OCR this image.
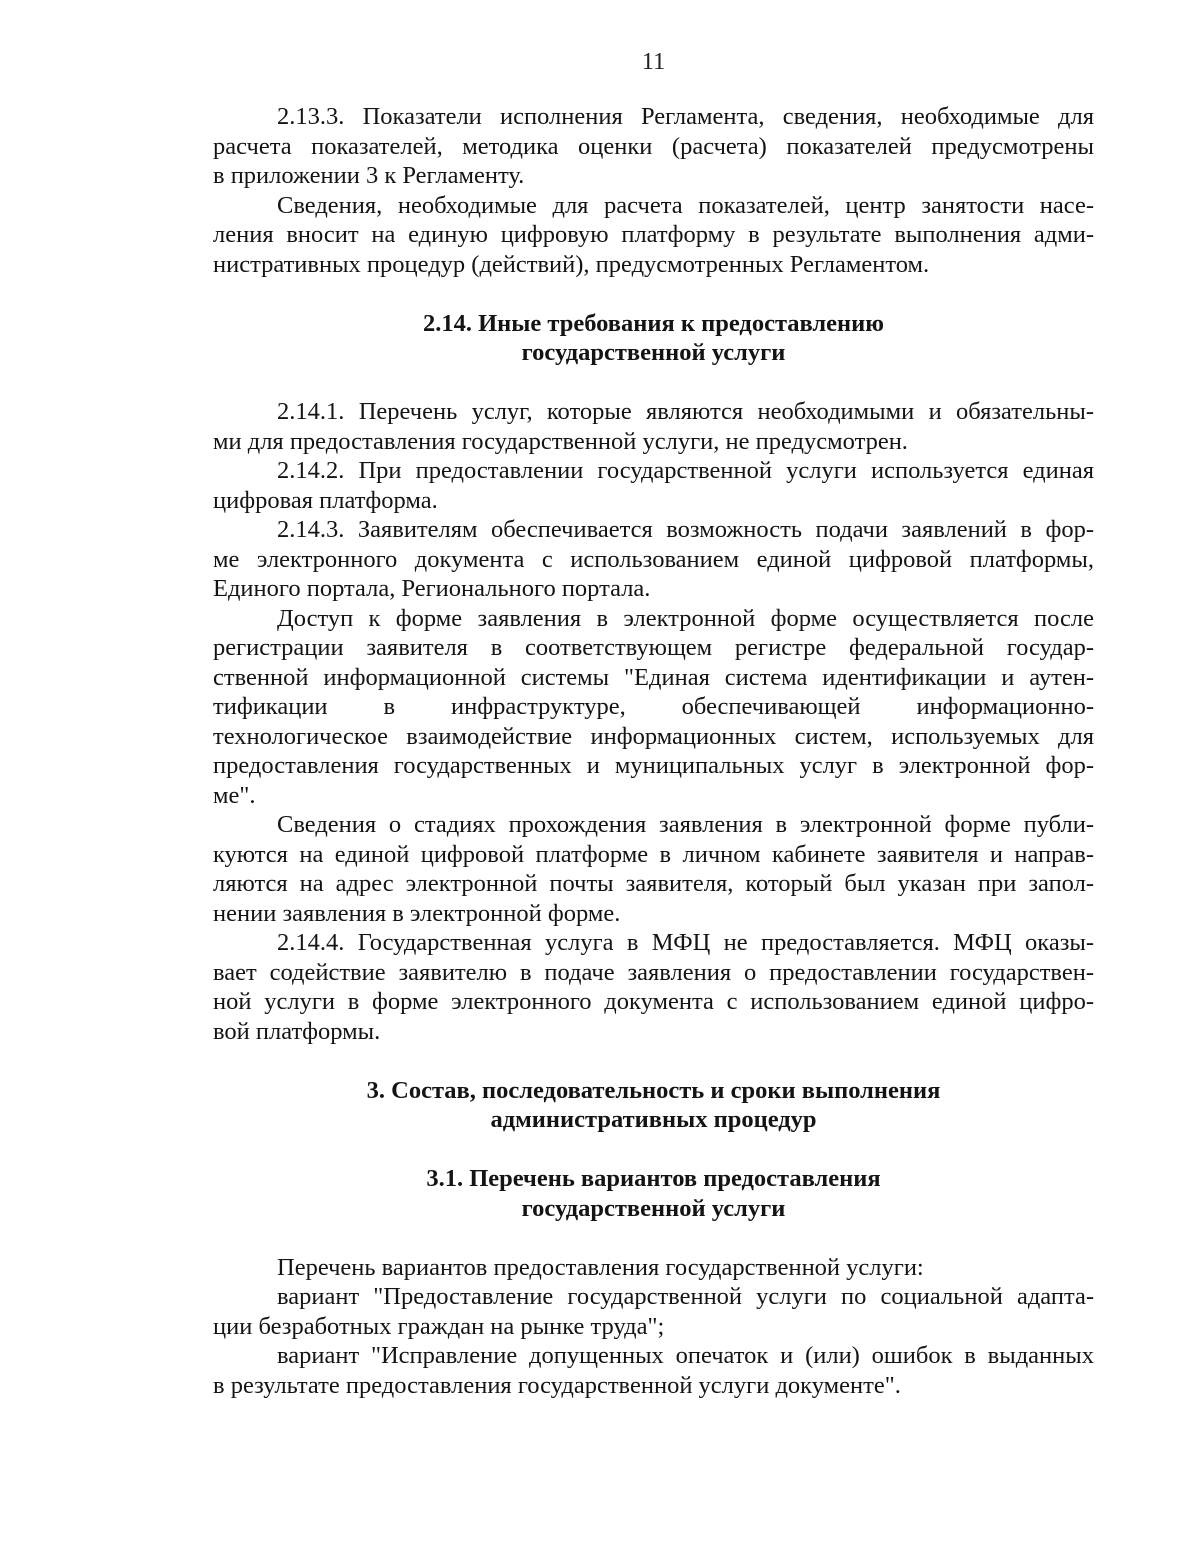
11
2.13.3. Показатели исполнения Регламента, сведения, необходимые для
расчета показателей, методика оценки (расчета) показателей предусмотрены
в приложении 3 к Регламенту.
Сведения, необходимые для расчета показателей, центр занятости насе-
ления вносит на единую цифровую платформу в результате выполнения адми-
нистративных процедур (действий), предусмотренных Регламентом.
2.14. Иные требования к предоставлению
государственной услуги
2.14.1. Перечень услуг, которые являются необходимыми и обязательны-
ми для предоставления государственной услуги, не предусмотрен.
2.14.2. При предоставлении государственной услуги используется единая
цифровая платформа.
2.14.3. Заявителям обеспечивается возможность подачи заявлений в фор-
ме электронного документа с использованием единой цифровой платформы,
Единого портала, Регионального портала.
Доступ к форме заявления в электронной форме осуществляется после
регистрации заявителя в соответствующем регистре федеральной государ-
ственной информационной системы "Единая система идентификации и аутен-
тификации в инфраструктуре, обеспечивающей информационно-
технологическое взаимодействие информационных систем, используемых для
предоставления государственных и муниципальных услуг в электронной фор-
ме".
Сведения о стадиях прохождения заявления в электронной форме публи-
куются на единой цифровой платформе в личном кабинете заявителя и направ-
ляются на адрес электронной почты заявителя, который был указан при запол-
нении заявления в электронной форме.
2.14.4. Государственная услуга в МФЦ не предоставляется. МФЦ оказы-
вает содействие заявителю в подаче заявления о предоставлении государствен-
ной услуги в форме электронного документа с использованием единой цифро-
вой платформы.
3. Состав, последовательность и сроки выполнения
административных процедур
3.1. Перечень вариантов предоставления
государственной услуги
Перечень вариантов предоставления государственной услуги:
вариант "Предоставление государственной услуги по социальной адапта-
ции безработных граждан на рынке труда";
вариант "Исправление допущенных опечаток и (или) ошибок в выданных
в результате предоставления государственной услуги документе".
